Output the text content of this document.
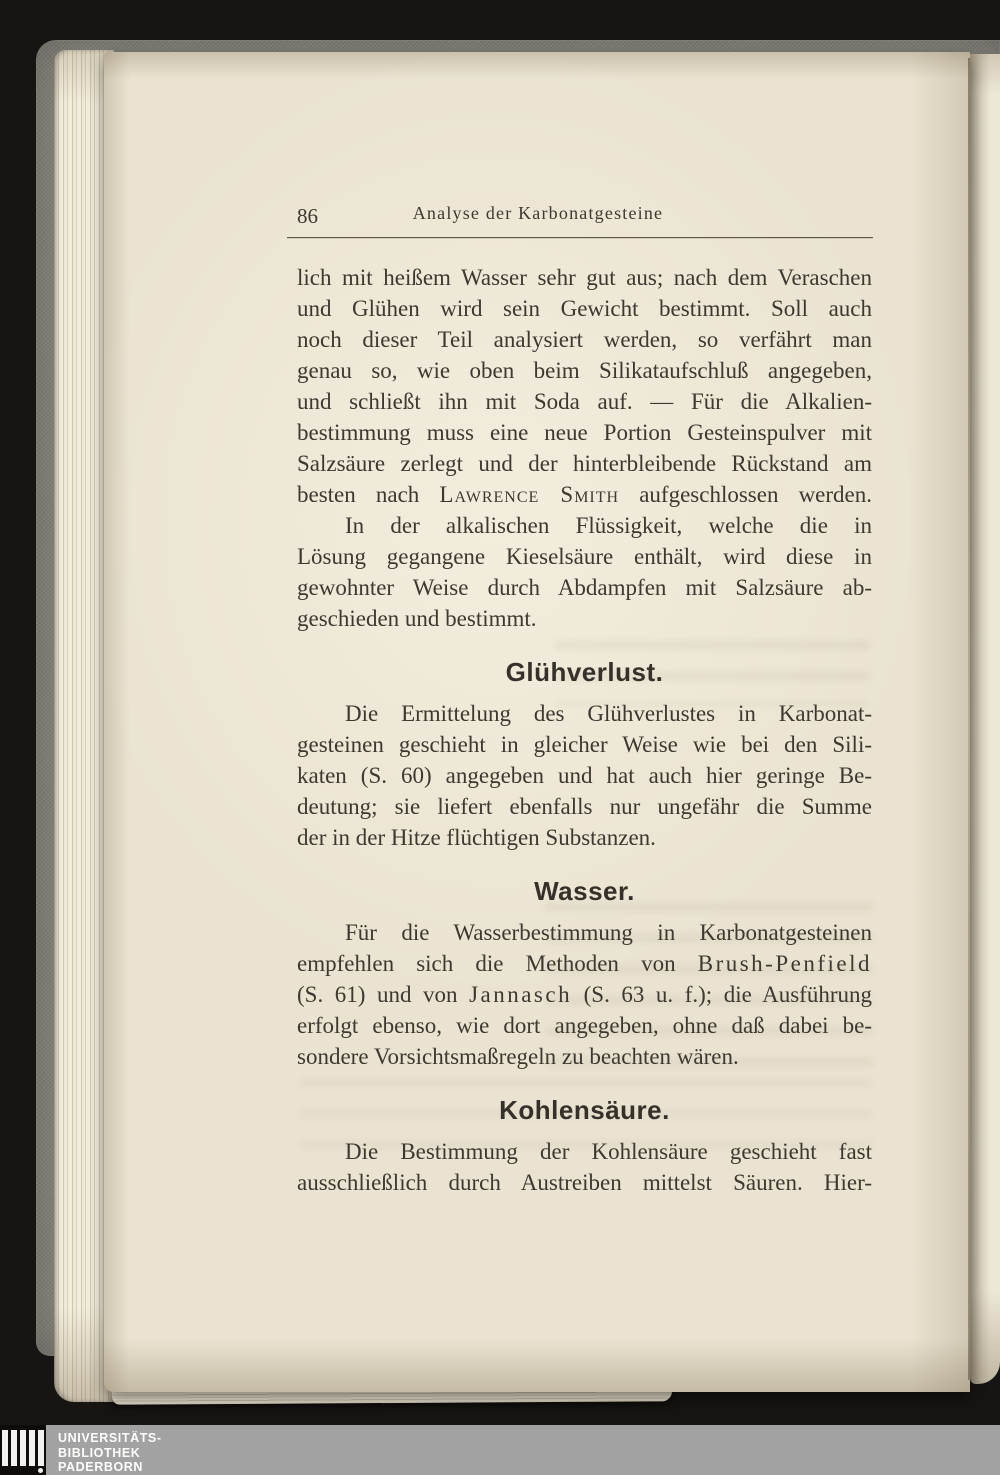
86	Analyse der Karbonatgesteine
lich mit heißem Wasser sehr gut aus; nach dem Veraschen
und Glühen wird sein Gewicht bestimmt. Soll auch
noch dieser Teil analysiert werden, so verfährt man
genau so, wie oben beim Silikataufschluß angegeben,
und schließt ihn mit Soda auf. — Für die Alkalien-
bestimmung muss eine neue Portion Gesteinspulver mit
Salzsäure zerlegt und der hinterbleibende Rückstand am
besten nach Lawrence Smith aufgeschlossen werden.
In der alkalischen Flüssigkeit, welche die in
Lösung gegangene Kieselsäure enthält, wird diese in
gewohnter Weise durch Abdampfen mit Salzsäure ab-
geschieden und bestimmt.
Glühverlust.
Die Ermittelung des Glühverlustes in Karbonat-
gesteinen geschieht in gleicher Weise wie bei den Sili-
katen (S. 60) angegeben und hat auch hier geringe Be-
deutung; sie liefert ebenfalls nur ungefähr die Summe
der in der Hitze flüchtigen Substanzen.
Wasser.
Für die Wasserbestimmung in Karbonatgesteinen
empfehlen sich die Methoden von Brush-Penfield
(S. 61) und von Jannasch (S. 63 u. f.); die Ausführung
erfolgt ebenso, wie dort angegeben, ohne daß dabei be-
sondere Vorsichtsmaßregeln zu beachten wären.
Kohlensäure.
Die Bestimmung der Kohlensäure geschieht fast
ausschließlich durch Austreiben mittelst Säuren. Hier-
UNIVERSITÄTS-
BIBLIOTHEK
PADERBORN
